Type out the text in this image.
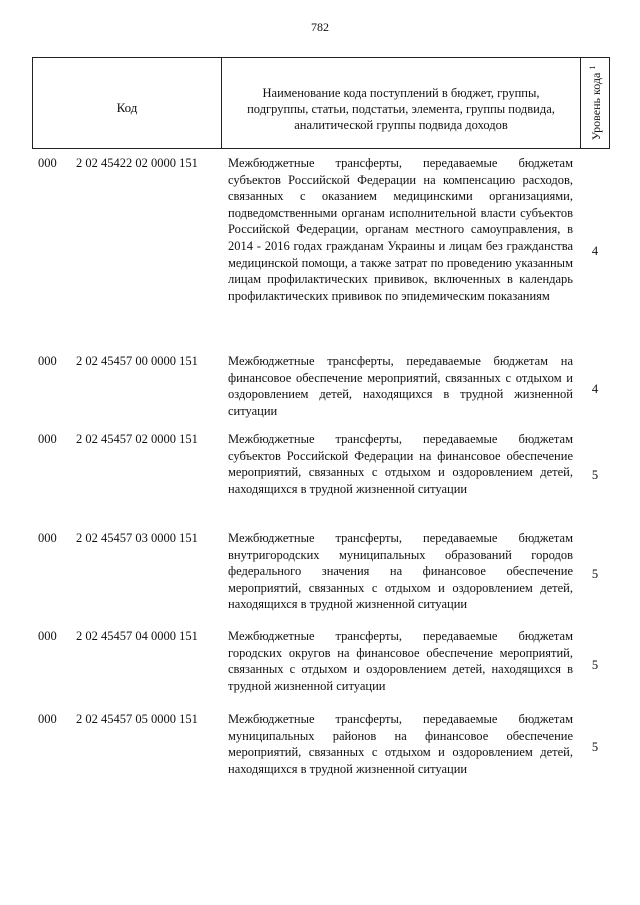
782
Код
Наименование кода поступлений в бюджет, группы, подгруппы, статьи, подстатьи, элемента, группы подвида, аналитической группы подвида доходов	Уровень кода $^1$
000 2 02 45422 02 0000 151 Межбюджетные трансферты, передаваемые бюджетам субъектов Российской Федерации на компенсацию расходов, связанных с оказанием медицинскими организациями, подведомственными органам исполнительной власти субъектов Российской Федерации, органам местного самоуправления, в 2014 - 2016 годах гражданам Украины и лицам без гражданства медицинской помощи, а также затрат по проведению указанным лицам профилактических прививок, включенных в календарь профилактических прививок по эпидемическим показаниям
4
000 2 02 45457 00 0000 151 Межбюджетные трансферты, передаваемые бюджетам на финансовое обеспечение мероприятий, связанных с отдыхом и оздоровлением детей, находящихся в трудной жизненной ситуации
4
000 2 02 45457 02 0000 151 Межбюджетные трансферты, передаваемые бюджетам субъектов Российской Федерации на финансовое обеспечение мероприятий, связанных с отдыхом и оздоровлением детей, находящихся в трудной жизненной ситуации
5
000 2 02 45457 03 0000 151 Межбюджетные трансферты, передаваемые бюджетам внутригородских муниципальных образований городов федерального значения на финансовое обеспечение мероприятий, связанных с отдыхом и оздоровлением детей, находящихся в трудной жизненной ситуации
5
000 2 02 45457 04 0000 151 Межбюджетные трансферты, передаваемые бюджетам городских округов на финансовое обеспечение мероприятий, связанных с отдыхом и оздоровлением детей, находящихся в трудной жизненной ситуации
5
000 2 02 45457 05 0000 151 Межбюджетные трансферты, передаваемые бюджетам муниципальных районов на финансовое обеспечение мероприятий, связанных с отдыхом и оздоровлением детей, находящихся в трудной жизненной ситуации
5
